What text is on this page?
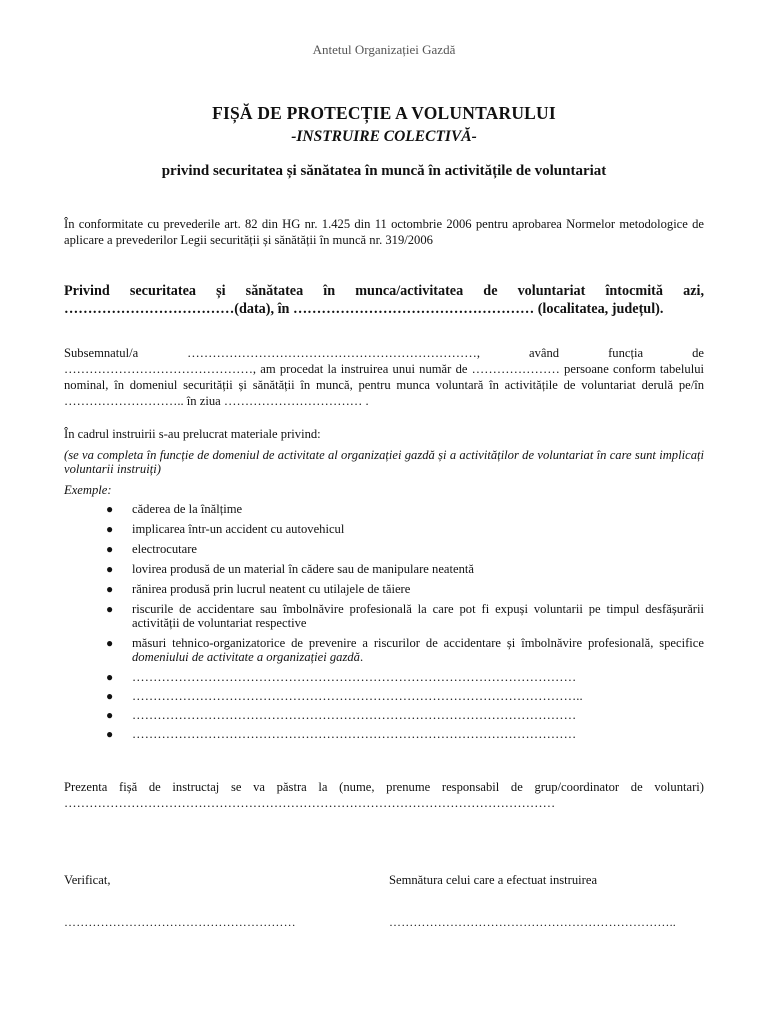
Antetul Organizației Gazdă
FIȘĂ DE PROTECȚIE A VOLUNTARULUI
-INSTRUIRE COLECTIVĂ-
privind securitatea și sănătatea în muncă în activitățile de voluntariat
În conformitate cu prevederile art. 82 din HG nr. 1.425 din 11 octombrie 2006 pentru aprobarea Normelor metodologice de aplicare a prevederilor Legii securității și sănătății în muncă nr. 319/2006
Privind securitatea și sănătatea în munca/activitatea de voluntariat întocmită azi, ………………………………(data), în …………………………………………… (localitatea, județul).
Subsemnatul/a ……………………………………………………………, având funcția de ………………………………………, am procedat la instruirea unui număr de ………………… persoane conform tabelului nominal, în domeniul securității și sănătății în muncă, pentru munca voluntară în activitățile de voluntariat derulă pe/în ……………………….. în ziua …………………………… .
În cadrul instruirii s-au prelucrat materiale privind:
(se va completa în funcție de domeniul de activitate al organizației gazdă și a activităților de voluntariat în care sunt implicați voluntarii instruiți)
Exemple:
● căderea de la înălțime
● implicarea într-un accident cu autovehicul
● electrocutare
● lovirea produsă de un material în cădere sau de manipulare neatentă
● rănirea produsă prin lucrul neatent cu utilajele de tăiere
● riscurile de accidentare sau îmbolnăvire profesională la care pot fi expuși voluntarii pe timpul desfășurării activității de voluntariat respective
● măsuri tehnico-organizatorice de prevenire a riscurilor de accidentare și îmbolnăvire profesională, specifice domeniului de activitate a organizației gazdă.
● ……………………………………………………………………………………………
● ……………………………………………………………………………………………..
● ……………………………………………………………………………………………
● ……………………………………………………………………………………………
Prezenta fișă de instructaj se va păstra la (nume, prenume responsabil de grup/coordinator de voluntari) ………………………………………………………………………………………………………
Verificat,	Semnătura celui care a efectuat instruirea
…………………………………………………	……………………………………………………………..
